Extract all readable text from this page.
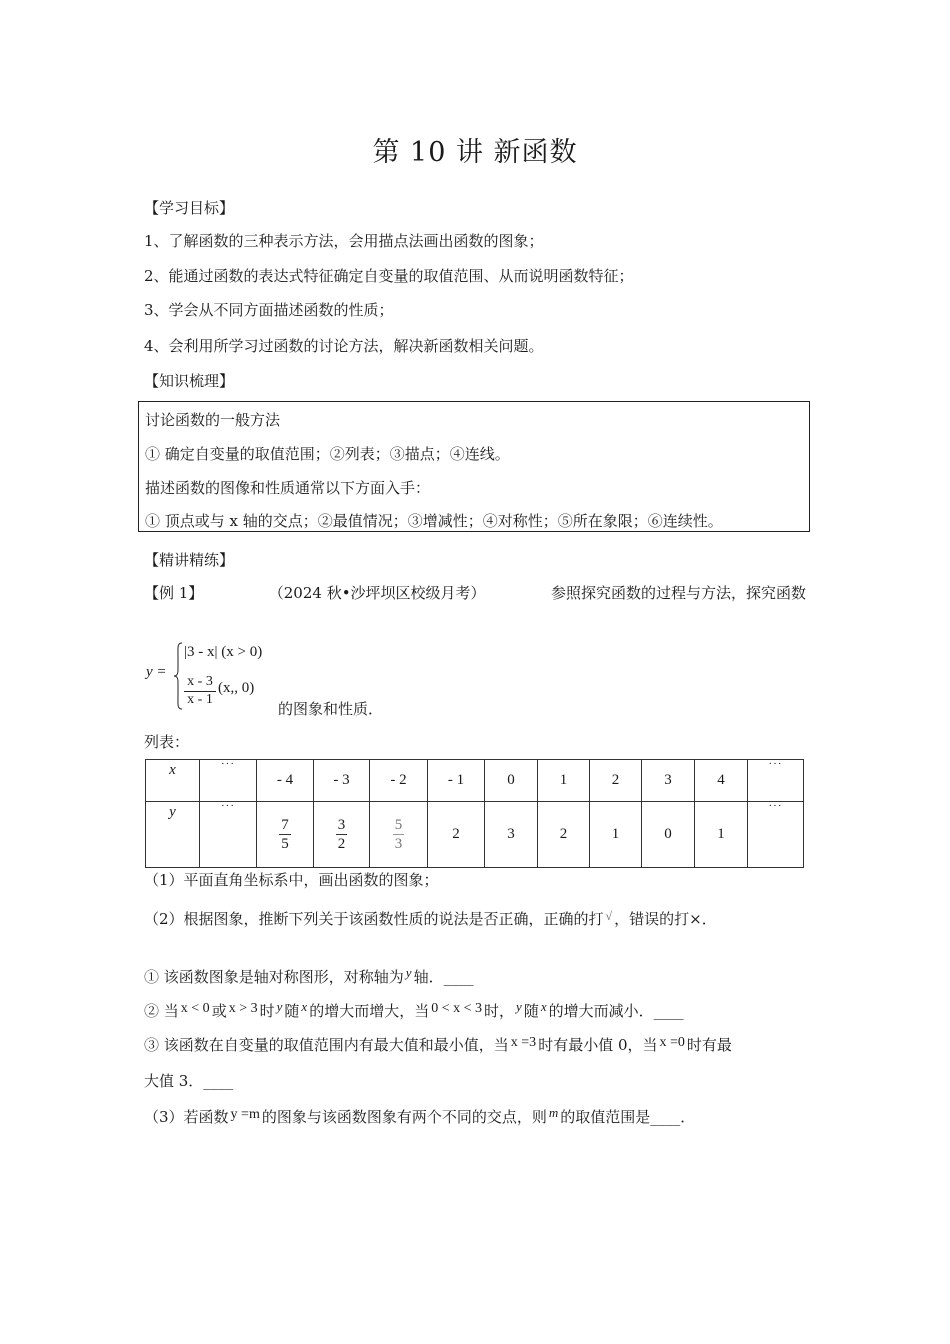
第 10 讲 新函数
【学习目标】
1、了解函数的三种表示方法，会用描点法画出函数的图象；
2、能通过函数的表达式特征确定自变量的取值范围、从而说明函数特征；
3、学会从不同方面描述函数的性质；
4、会利用所学习过函数的讨论方法，解决新函数相关问题。
【知识梳理】
讨论函数的一般方法
① 确定自变量的取值范围；②列表；③描点；④连线。
描述函数的图像和性质通常以下方面入手：
① 顶点或与 x 轴的交点；②最值情况；③增减性；④对称性；⑤所在象限；⑥连续性。
【精讲精练】
【例 1】	（2024 秋•沙坪坝区校级月考）	参照探究函数的过程与方法，探究函数
y =
|3 - x| (x > 0)
$\frac{x - 3}{x - 1} (x$,, 0)
的图象和性质．
列表：
x	···	- 4	- 3	- 2	- 1	0	1	2	3	4	···
y	···	$\frac{7}{5}$	$\frac{3}{2}$	$\frac{5}{3}$	2	3	2	1	0	1	···
（1）平面直角坐标系中，画出函数的图象；
（2）根据图象，推断下列关于该函数性质的说法是否正确，正确的打 √ ，错误的打×．
① 该函数图象是轴对称图形，对称轴为 y 轴．____
② 当 x < 0 或 x > 3 时 y 随 x 的增大而增大，当 0 < x < 3 时， y 随 x 的增大而减小．____
③ 该函数在自变量的取值范围内有最大值和最小值，当 x =3 时有最小值 0，当 x =0 时有最
大值 3．____
（3）若函数 y =m 的图象与该函数图象有两个不同的交点，则 m 的取值范围是____．
